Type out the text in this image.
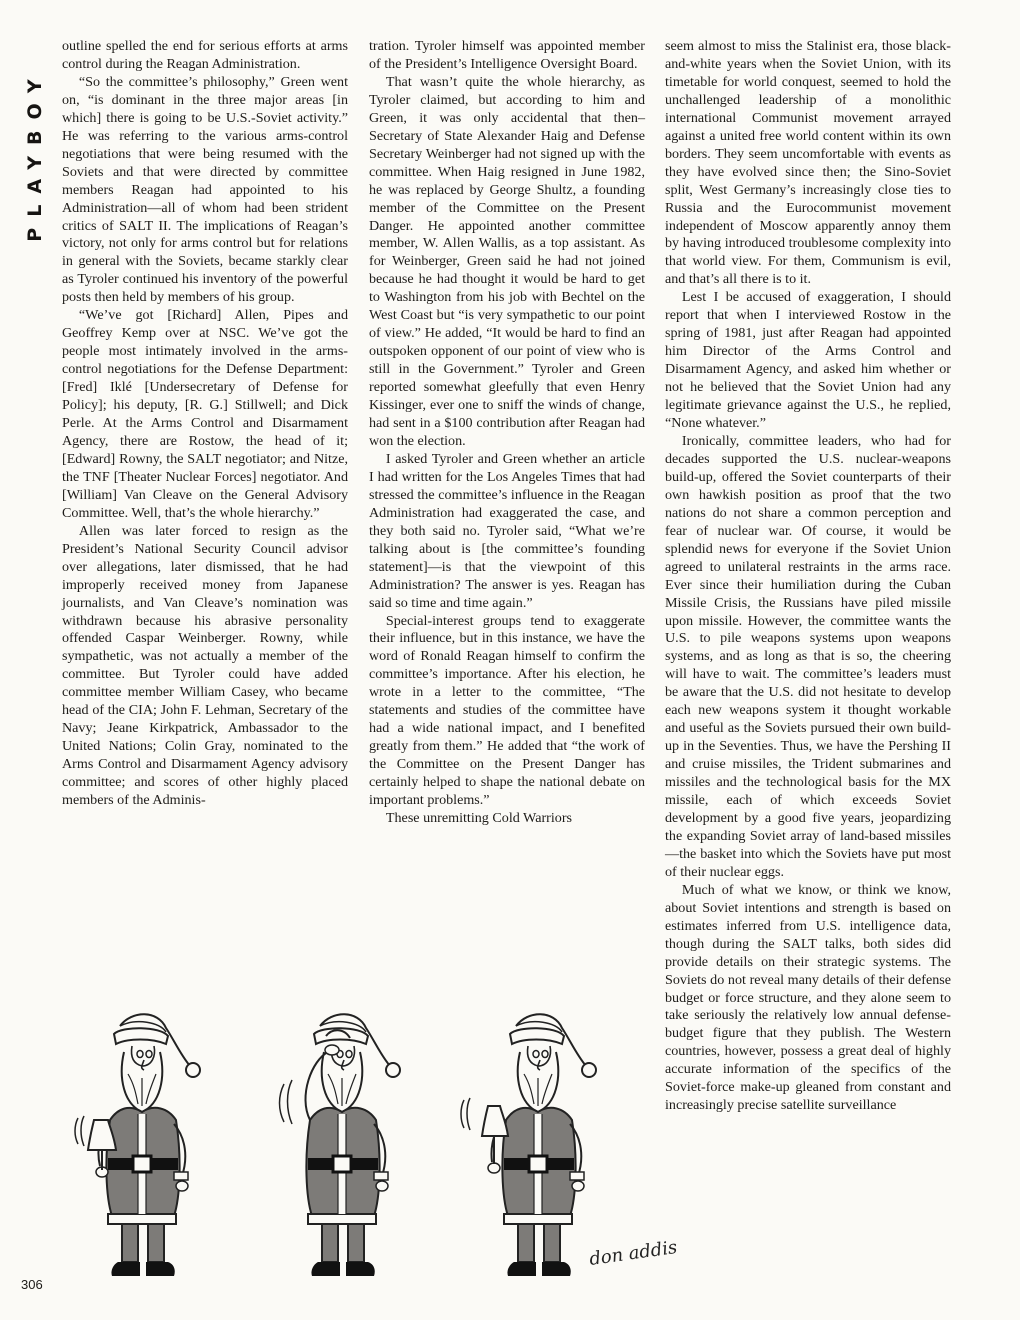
PLAYBOY

outline spelled the end for serious efforts at arms control during the Reagan Administration.

“So the committee’s philosophy,” Green went on, “is dominant in the three major areas [in which] there is going to be U.S.-Soviet activity.” He was referring to the various arms-control negotiations that were being resumed with the Soviets and that were directed by committee members Reagan had appointed to his Administration—all of whom had been strident critics of SALT II. The implications of Reagan’s victory, not only for arms control but for relations in general with the Soviets, became starkly clear as Tyroler continued his inventory of the powerful posts then held by members of his group.

“We’ve got [Richard] Allen, Pipes and Geoffrey Kemp over at NSC. We’ve got the people most intimately involved in the arms-control negotiations for the Defense Department: [Fred] Iklé [Undersecretary of Defense for Policy]; his deputy, [R. G.] Stillwell; and Dick Perle. At the Arms Control and Disarmament Agency, there are Rostow, the head of it; [Edward] Rowny, the SALT negotiator; and Nitze, the TNF [Theater Nuclear Forces] negotiator. And [William] Van Cleave on the General Advisory Committee. Well, that’s the whole hierarchy.”

Allen was later forced to resign as the President’s National Security Council advisor over allegations, later dismissed, that he had improperly received money from Japanese journalists, and Van Cleave’s nomination was withdrawn because his abrasive personality offended Caspar Weinberger. Rowny, while sympathetic, was not actually a member of the committee. But Tyroler could have added committee member William Casey, who became head of the CIA; John F. Lehman, Secretary of the Navy; Jeane Kirkpatrick, Ambassador to the United Nations; Colin Gray, nominated to the Arms Control and Disarmament Agency advisory committee; and scores of other highly placed members of the Adminis-

tration. Tyroler himself was appointed member of the President’s Intelligence Oversight Board.

That wasn’t quite the whole hierarchy, as Tyroler claimed, but according to him and Green, it was only accidental that then–Secretary of State Alexander Haig and Defense Secretary Weinberger had not signed up with the committee. When Haig resigned in June 1982, he was replaced by George Shultz, a founding member of the Committee on the Present Danger. He appointed another committee member, W. Allen Wallis, as a top assistant. As for Weinberger, Green said he had not joined because he had thought it would be hard to get to Washington from his job with Bechtel on the West Coast but “is very sympathetic to our point of view.” He added, “It would be hard to find an outspoken opponent of our point of view who is still in the Government.” Tyroler and Green reported somewhat gleefully that even Henry Kissinger, ever one to sniff the winds of change, had sent in a $100 contribution after Reagan had won the election.

I asked Tyroler and Green whether an article I had written for the Los Angeles Times that had stressed the committee’s influence in the Reagan Administration had exaggerated the case, and they both said no. Tyroler said, “What we’re talking about is [the committee’s founding statement]—is that the viewpoint of this Administration? The answer is yes. Reagan has said so time and time again.”

Special-interest groups tend to exaggerate their influence, but in this instance, we have the word of Ronald Reagan himself to confirm the committee’s importance. After his election, he wrote in a letter to the committee, “The statements and studies of the committee have had a wide national impact, and I benefited greatly from them.” He added that “the work of the Committee on the Present Danger has certainly helped to shape the national debate on important problems.”

These unremitting Cold Warriors

seem almost to miss the Stalinist era, those black-and-white years when the Soviet Union, with its timetable for world conquest, seemed to hold the unchallenged leadership of a monolithic international Communist movement arrayed against a united free world content within its own borders. They seem uncomfortable with events as they have evolved since then; the Sino-Soviet split, West Germany’s increasingly close ties to Russia and the Eurocommunist movement independent of Moscow apparently annoy them by having introduced troublesome complexity into that world view. For them, Communism is evil, and that’s all there is to it.

Lest I be accused of exaggeration, I should report that when I interviewed Rostow in the spring of 1981, just after Reagan had appointed him Director of the Arms Control and Disarmament Agency, and asked him whether or not he believed that the Soviet Union had any legitimate grievance against the U.S., he replied, “None whatever.”

Ironically, committee leaders, who had for decades supported the U.S. nuclear-weapons build-up, offered the Soviet counterparts of their own hawkish position as proof that the two nations do not share a common perception and fear of nuclear war. Of course, it would be splendid news for everyone if the Soviet Union agreed to unilateral restraints in the arms race. Ever since their humiliation during the Cuban Missile Crisis, the Russians have piled missile upon missile. However, the committee wants the U.S. to pile weapons systems upon weapons systems, and as long as that is so, the cheering will have to wait. The committee’s leaders must be aware that the U.S. did not hesitate to develop each new weapons system it thought workable and useful as the Soviets pursued their own build-up in the Seventies. Thus, we have the Pershing II and cruise missiles, the Trident submarines and missiles and the technological basis for the MX missile, each of which exceeds Soviet development by a good five years, jeopardizing the expanding Soviet array of land-based missiles—the basket into which the Soviets have put most of their nuclear eggs.

Much of what we know, or think we know, about Soviet intentions and strength is based on estimates inferred from U.S. intelligence data, though during the SALT talks, both sides did provide details on their strategic systems. The Soviets do not reveal many details of their defense budget or force structure, and they alone seem to take seriously the relatively low annual defense-budget figure that they publish. The Western countries, however, possess a great deal of highly accurate information of the specifics of the Soviet-force make-up gleaned from constant and increasingly precise satellite surveillance

don addis
306
